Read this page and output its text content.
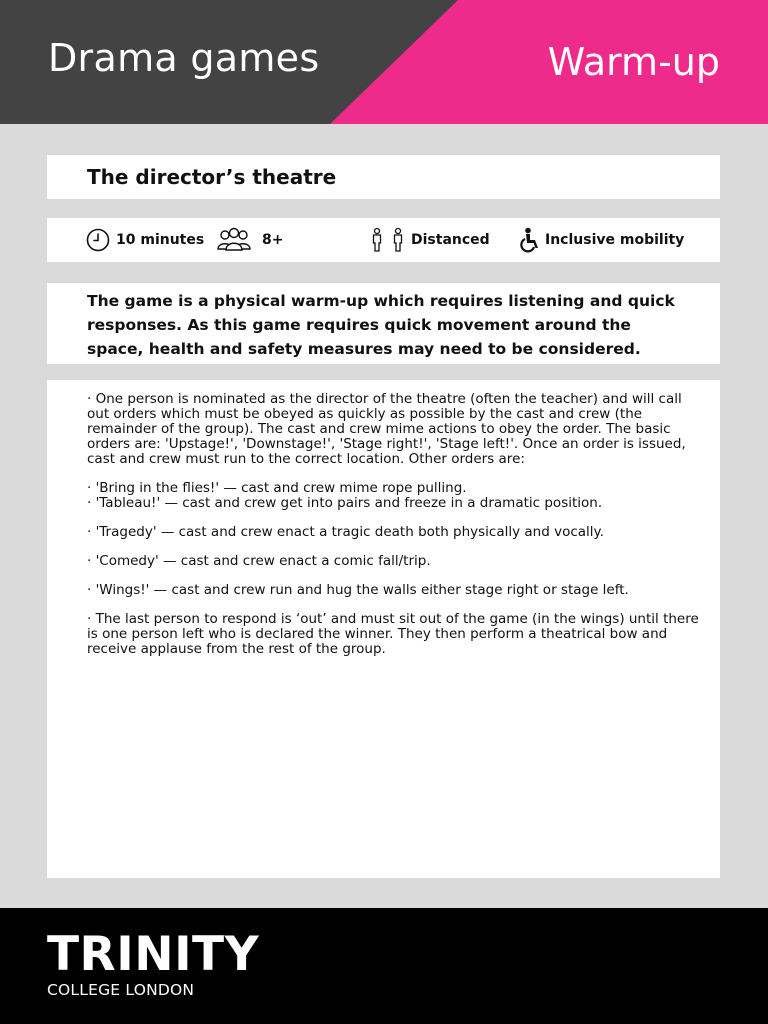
Drama games	Warm-up
The director’s theatre
10 minutes	8+	Distanced	Inclusive mobility

The game is a physical warm-up which requires listening and quick responses. As this game requires quick movement around the space, health and safety measures may need to be considered.

· One person is nominated as the director of the theatre (often the teacher) and will call out orders which must be obeyed as quickly as possible by the cast and crew (the remainder of the group). The cast and crew mime actions to obey the order. The basic orders are: 'Upstage!', 'Downstage!', 'Stage right!', 'Stage left!'. Once an order is issued, cast and crew must run to the correct location. Other orders are:

· 'Bring in the flies!' — cast and crew mime rope pulling.

· 'Tableau!' — cast and crew get into pairs and freeze in a dramatic position.

· 'Tragedy' — cast and crew enact a tragic death both physically and vocally.

· 'Comedy' — cast and crew enact a comic fall/trip.

· 'Wings!' — cast and crew run and hug the walls either stage right or stage left.

· The last person to respond is ‘out’ and must sit out of the game (in the wings) until there is one person left who is declared the winner. They then perform a theatrical bow and receive applause from the rest of the group.

TRINITY
COLLEGE LONDON
